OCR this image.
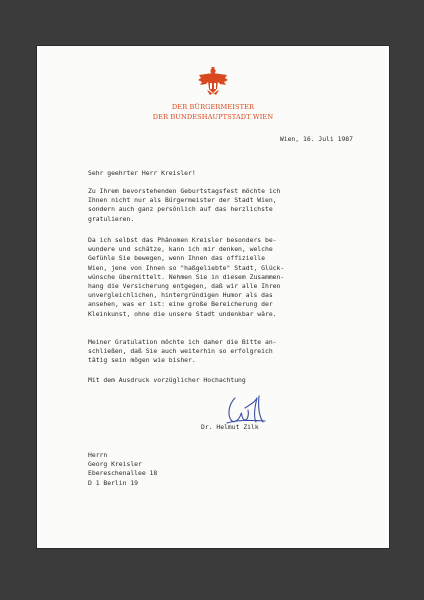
DER BÜRGERMEISTER
DER BUNDESHAUPTSTADT WIEN
Wien, 16. Juli 1987
Sehr geehrter Herr Kreisler!
Zu Ihrem bevorstehenden Geburtstagsfest möchte ich
Ihnen nicht nur als Bürgermeister der Stadt Wien,
sondern auch ganz persönlich auf das herzlichste
gratulieren.
Da ich selbst das Phänomen Kreisler besonders be-
wundere und schätze, kann ich mir denken, welche
Gefühle Sie bewegen, wenn Ihnen das offizielle
Wien, jene von Ihnen so "haßgeliebte" Stadt, Glück-
wünsche übermittelt. Nehmen Sie in diesem Zusammen-
hang die Versicherung entgegen, daß wir alle Ihren
unvergleichlichen, hintergründigen Humor als das
ansehen, was er ist: eine große Bereicherung der
Kleinkunst, ohne die unsere Stadt undenkbar wäre.
Meiner Gratulation möchte ich daher die Bitte an-
schließen, daß Sie auch weiterhin so erfolgreich
tätig sein mögen wie bisher.
Mit dem Ausdruck vorzüglicher Hochachtung
Dr. Helmut Zilk
Herrn
Georg Kreisler
Ebereschenallee 18
D 1 Berlin 19
